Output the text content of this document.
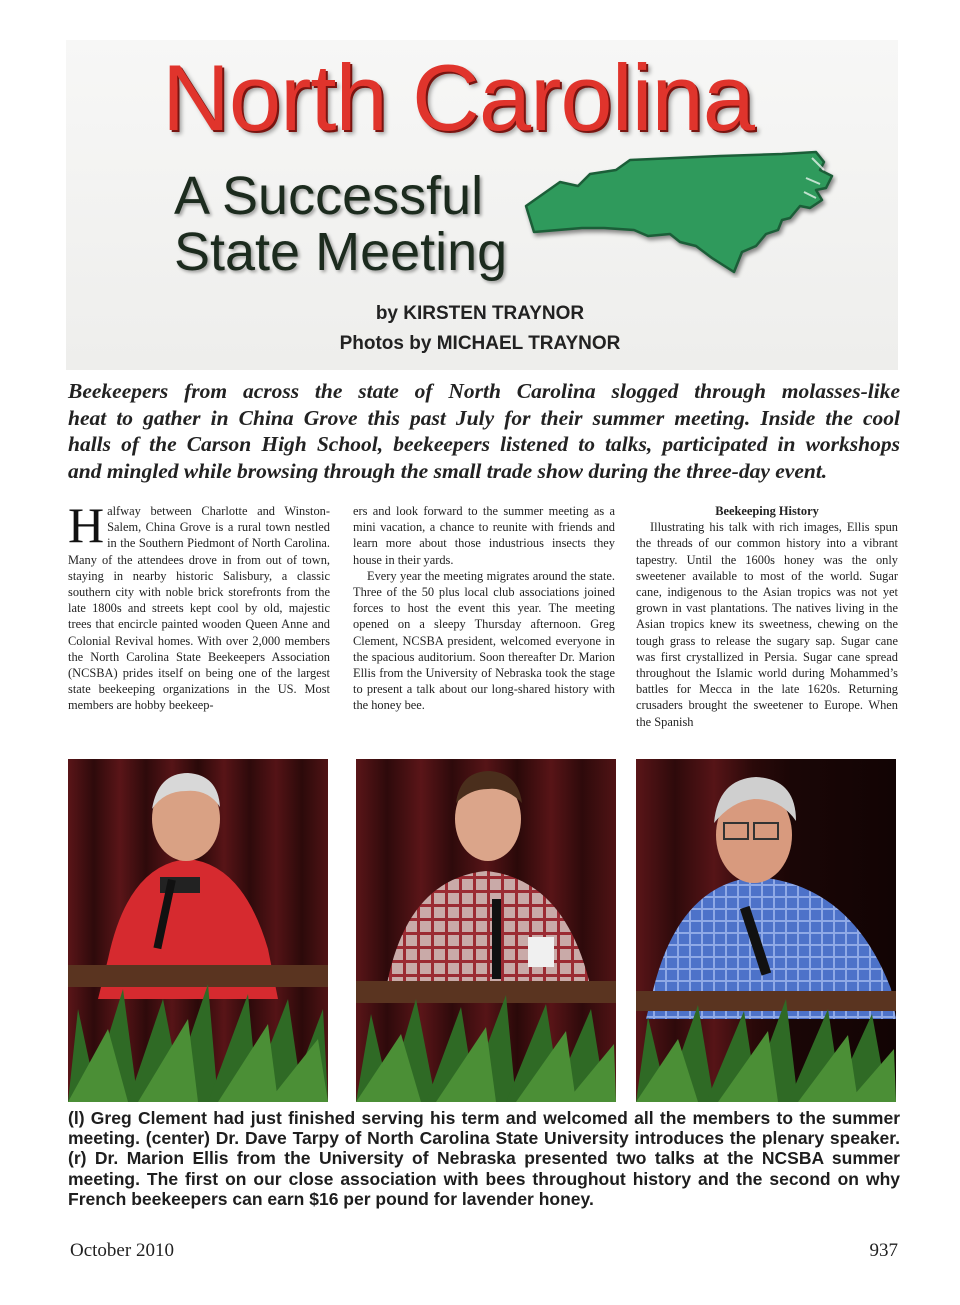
North Carolina
A Successful
State Meeting
by KIRSTEN TRAYNOR
Photos by MICHAEL TRAYNOR
Beekeepers from across the state of North Carolina slogged through molasses-like
heat to gather in China Grove this past July for their summer meeting. Inside the cool
halls of the Carson High School, beekeepers listened to talks, participated in workshops
and mingled while browsing through the small trade show during the three-day event.

Halfway between Charlotte and Winston-Salem, China Grove is a rural town nestled in the Southern Piedmont of North Carolina. Many of the attendees drove in from out of town, staying in nearby historic Salisbury, a classic southern city with noble brick storefronts from the late 1800s and streets kept cool by old, majestic trees that encircle painted wooden Queen Anne and Colonial Revival homes. With over 2,000 members the North Carolina State Beekeepers Association (NCSBA) prides itself on being one of the largest state beekeeping organizations in the US. Most members are hobby beekeep-

ers and look forward to the summer meeting as a mini vacation, a chance to reunite with friends and learn more about those industrious insects they house in their yards.

Every year the meeting migrates around the state. Three of the 50 plus local club associations joined forces to host the event this year. The meeting opened on a sleepy Thursday afternoon. Greg Clement, NCSBA president, welcomed everyone in the spacious auditorium. Soon thereafter Dr. Marion Ellis from the University of Nebraska took the stage to present a talk about our long-shared history with the honey bee.

Beekeeping History

Illustrating his talk with rich images, Ellis spun the threads of our common history into a vibrant tapestry. Until the 1600s honey was the only sweetener available to most of the world. Sugar cane, indigenous to the Asian tropics was not yet grown in vast plantations. The natives living in the Asian tropics knew its sweetness, chewing on the tough grass to release the sugary sap. Sugar cane was first crystallized in Persia. Sugar cane spread throughout the Islamic world during Mohammed’s battles for Mecca in the late 1620s. Returning crusaders brought the sweetener to Europe. When the Spanish

(l) Greg Clement had just finished serving his term and welcomed all the members to the summer meeting. (center) Dr. Dave Tarpy of North Carolina State University introduces the plenary speaker. (r) Dr. Marion Ellis from the University of Nebraska presented two talks at the NCSBA summer meeting. The first on our close association with bees throughout history and the second on why French beekeepers can earn $16 per pound for lavender honey.
October 2010	937
